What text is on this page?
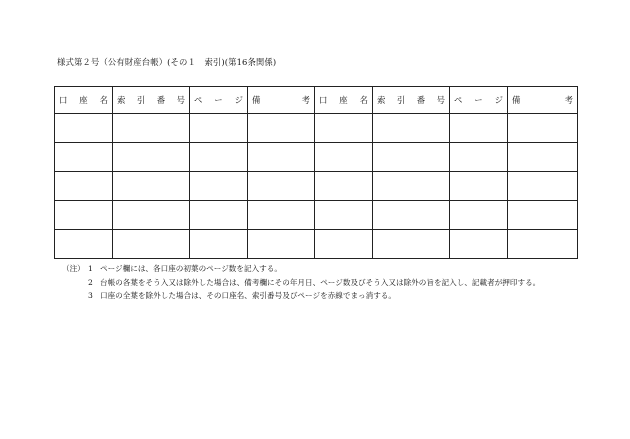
様式第２号（公有財産台帳）(その１　索引)(第16条関係)
口　座　名	索　引　番　号	ペ　ー　ジ	備　　　考	口　座　名	索　引　番　号	ペ　ー　ジ	備　　　考

（注） 1 ページ欄には、各口座の初葉のページ数を記入する。
2 台帳の各葉をそう入又は除外した場合は、備考欄にその年月日、ページ数及びそう入又は除外の旨を記入し、記載者が押印する。
3 口座の全葉を除外した場合は、その口座名、索引番号及びページを赤線でまっ消する。
